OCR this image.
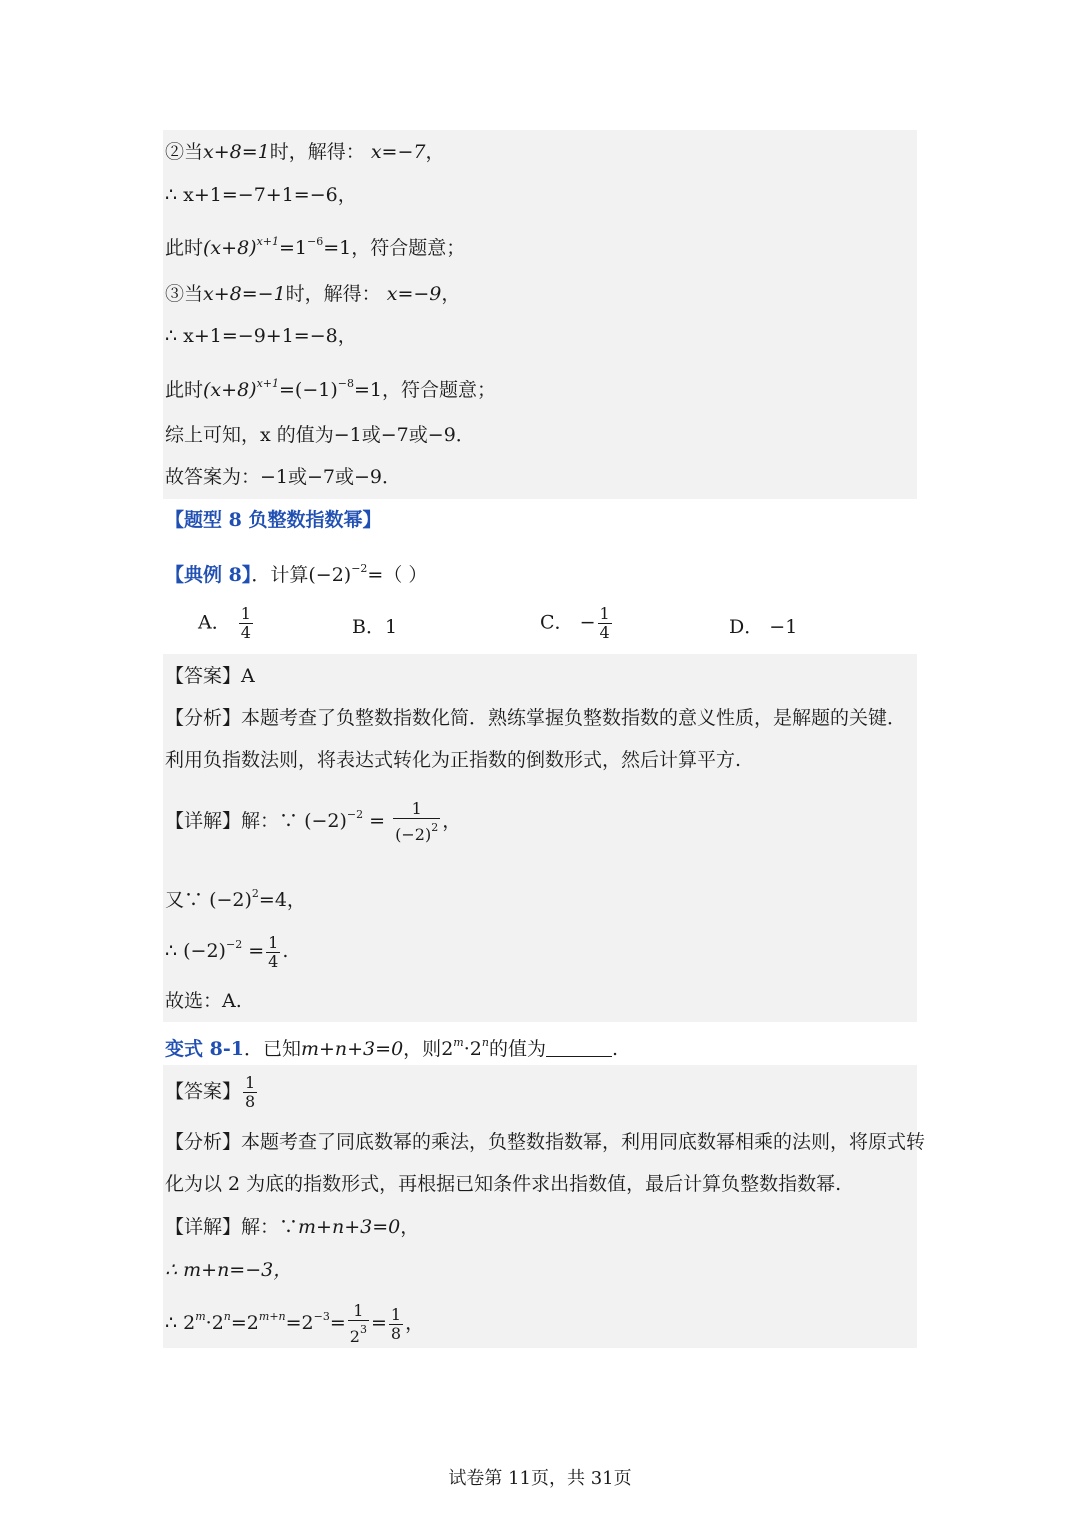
②当x+8=1时，解得： x=−7，
∴ x+1=−7+1=−6，
此时$(x+8)^{x+1}=1^{-6}=1$，符合题意；
③当x+8=−1时，解得： x=−9，
∴ x+1=−9+1=−8，
此时$(x+8)^{x+1}=(-1)^{-8}=1$，符合题意；
综上可知，x 的值为−1或−7或−9．
故答案为：−1或−7或−9．
【题型 8 负整数指数幂】
【典例 8】．计算$(-2)^{-2}=$（ ）
A． $\frac{1}{4}$	B．1	C． − $\frac{1}{4}$	D． −1
【答案】A
【分析】本题考查了负整数指数化简．熟练掌握负整数指数的意义性质，是解题的关键．
利用负指数法则，将表达式转化为正指数的倒数形式，然后计算平方.
【详解】解：∵ $(-2)^{-2} = \frac{1}{(-2)^2}$ ，
又∵ $(-2)^2=4$，
∴ $(-2)^{-2} = \frac{1}{4}$ .
故选：A.
变式 8-1．已知m+n+3=0，则$2^m\cdot 2^n$的值为	.
【答案】 $\frac{1}{8}$
【分析】本题考查了同底数幂的乘法，负整数指数幂，利用同底数幂相乘的法则，将原式转
化为以 2 为底的指数形式，再根据已知条件求出指数值，最后计算负整数指数幂.
【详解】解：∵m+n+3=0，
∴ m+n=−3，
∴ $2^m\cdot 2^n=2^{m+n}=2^{-3}= \frac{1}{2^3} = \frac{1}{8}$ ，
试卷第 11页，共 31页
